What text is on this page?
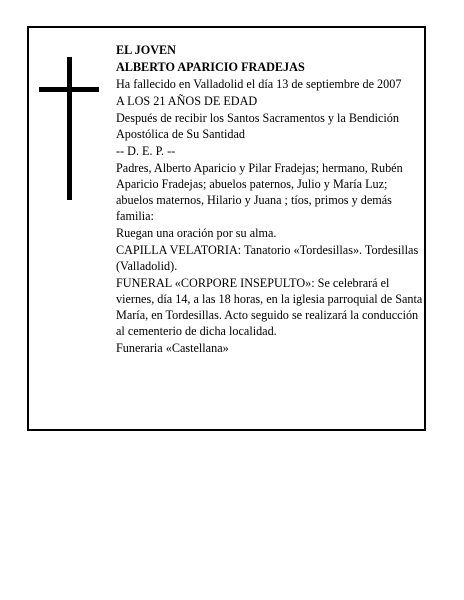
EL JOVEN

ALBERTO APARICIO FRADEJAS

Ha fallecido en Valladolid el día 13 de septiembre de 2007

A LOS 21 AÑOS DE EDAD

Después de recibir los Santos Sacramentos y la Bendición Apostólica de Su Santidad

-- D. E. P. --

Padres, Alberto Aparicio y Pilar Fradejas; hermano, Rubén Aparicio Fradejas; abuelos paternos, Julio y María Luz; abuelos maternos, Hilario y Juana ; tíos, primos y demás familia:

Ruegan una oración por su alma.

CAPILLA VELATORIA: Tanatorio «Tordesillas». Tordesillas (Valladolid).

FUNERAL «CORPORE INSEPULTO»: Se celebrará el viernes, día 14, a las 18 horas, en la iglesia parroquial de Santa María, en Tordesillas. Acto seguido se realizará la conducción al cementerio de dicha localidad.

Funeraria «Castellana»
